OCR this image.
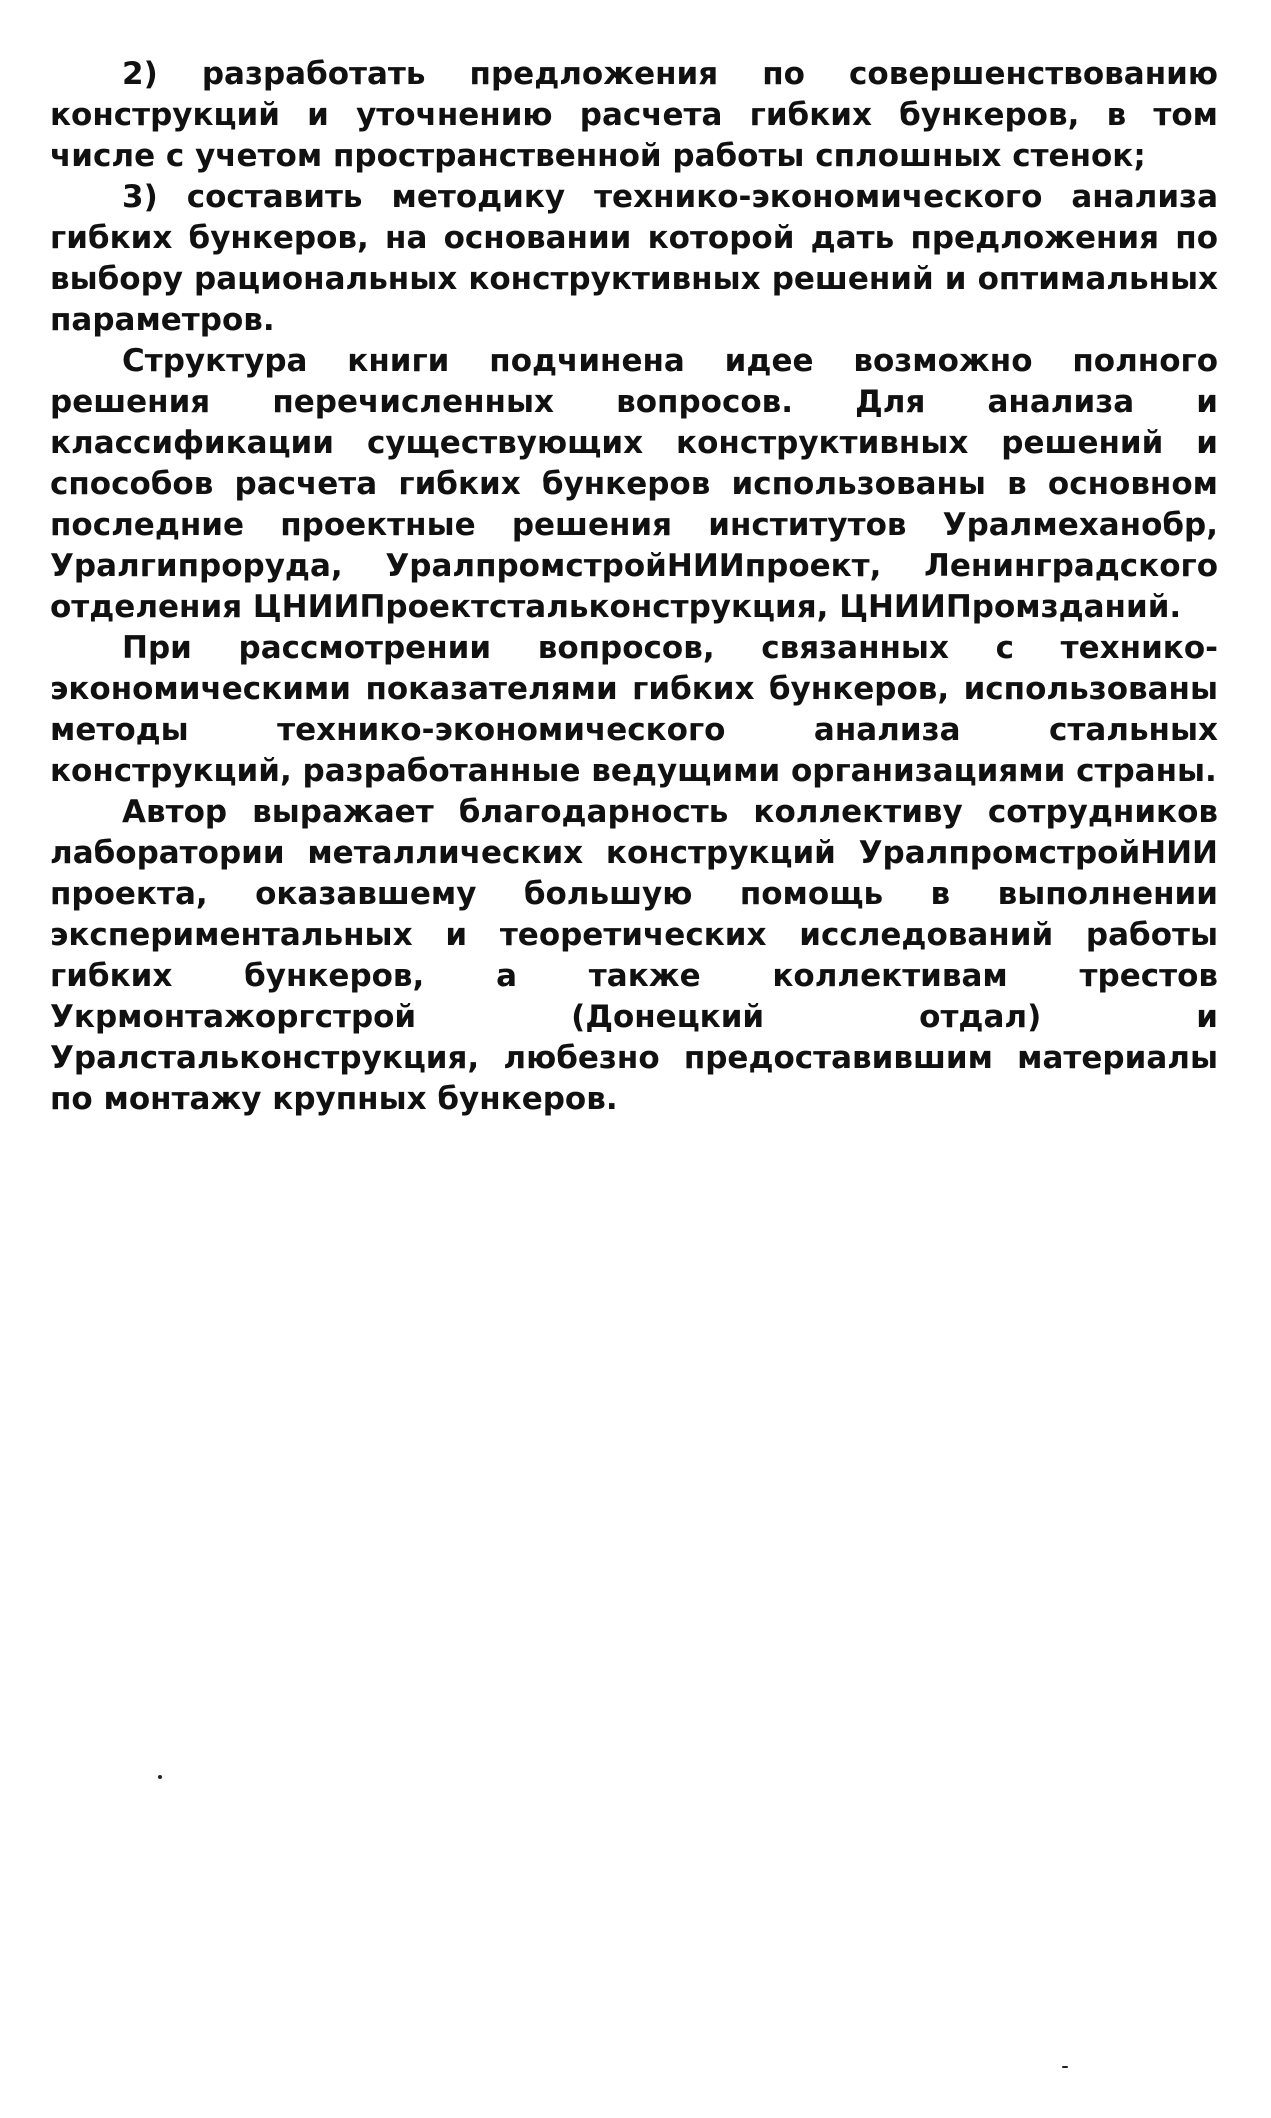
2) разработать предложения по совершенствованию конструкций и уточнению расчета гибких бункеров, в том числе с учетом пространственной работы сплошных стенок;

3) составить методику технико-экономического анализа гибких бункеров, на основании которой дать предложения по выбору рациональных конструктивных решений и оптимальных параметров.

Структура книги подчинена идее возможно полного решения перечисленных вопросов. Для анализа и классификации существующих конструктивных решений и способов расчета гибких бункеров использованы в основном последние проектные решения институтов Уралмеханобр, Уралгипроруда, УралпромстройНИИпроект, Ленинградского отделения ЦНИИПроектстальконструкция, ЦНИИПромзданий.

При рассмотрении вопросов, связанных с технико-экономическими показателями гибких бункеров, использованы методы технико-экономического анализа стальных конструкций, разработанные ведущими организациями страны.

Автор выражает благодарность коллективу сотрудников лаборатории металлических конструкций УралпромстройНИИ проекта, оказавшему большую помощь в выполнении экспериментальных и теоретических исследований работы гибких бункеров, а также коллективам трестов Укрмонтажоргстрой (Донецкий отдал) и Уралстальконструкция, любезно предоставившим материалы по монтажу крупных бункеров.
